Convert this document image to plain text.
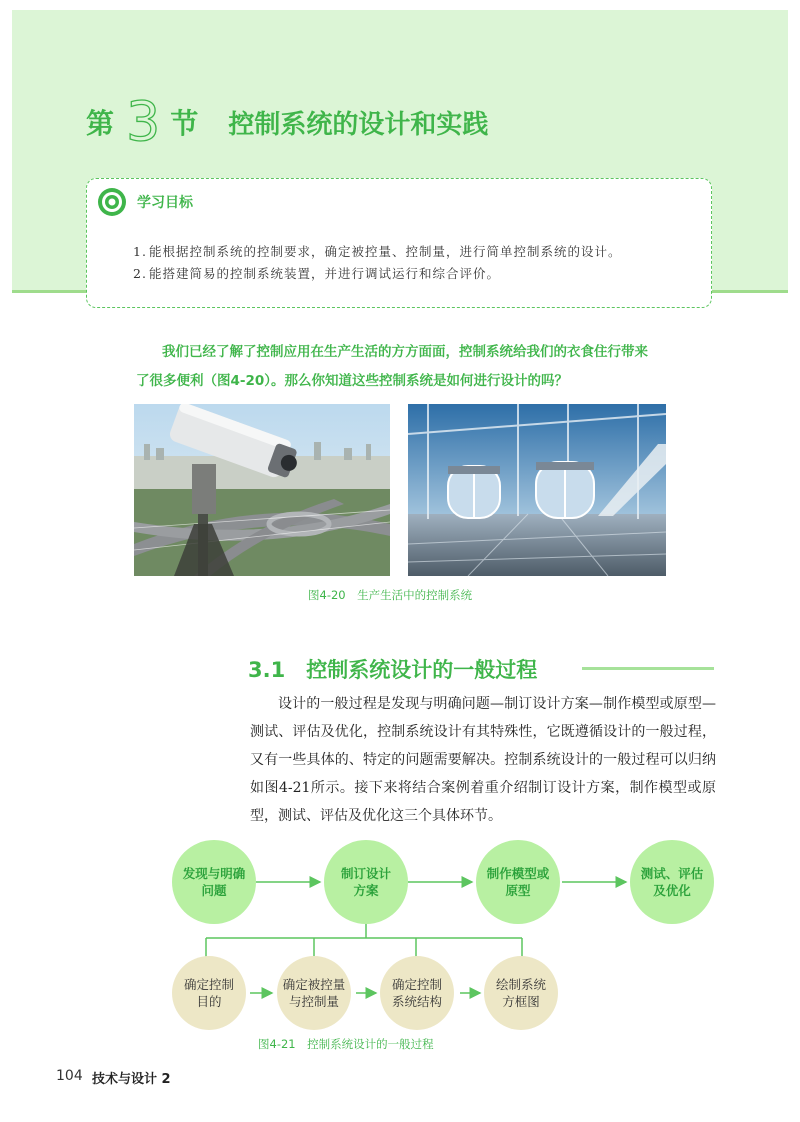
第 3 节 控制系统的设计和实践
学习目标
1. 能根据控制系统的控制要求，确定被控量、控制量，进行简单控制系统的设计。
2. 能搭建简易的控制系统装置，并进行调试运行和综合评价。
我们已经了解了控制应用在生产生活的方方面面，控制系统给我们的衣食住行带来
了很多便利（图4-20）。那么你知道这些控制系统是如何进行设计的吗？
图4-20　生产生活中的控制系统
3.1　控制系统设计的一般过程

设计的一般过程是发现与明确问题—制订设计方案—制作模型或原型—测试、评估及优化，控制系统设计有其特殊性，它既遵循设计的一般过程，又有一些具体的、特定的问题需要解决。控制系统设计的一般过程可以归纳如图4-21所示。接下来将结合案例着重介绍制订设计方案，制作模型或原型，测试、评估及优化这三个具体环节。

发现与明确
问题
制订设计
方案
制作模型或
原型
测试、评估
及优化
确定控制
目的
确定被控量
与控制量
确定控制
系统结构
绘制系统
方框图
图4-21　控制系统设计的一般过程
104 技术与设计 2
